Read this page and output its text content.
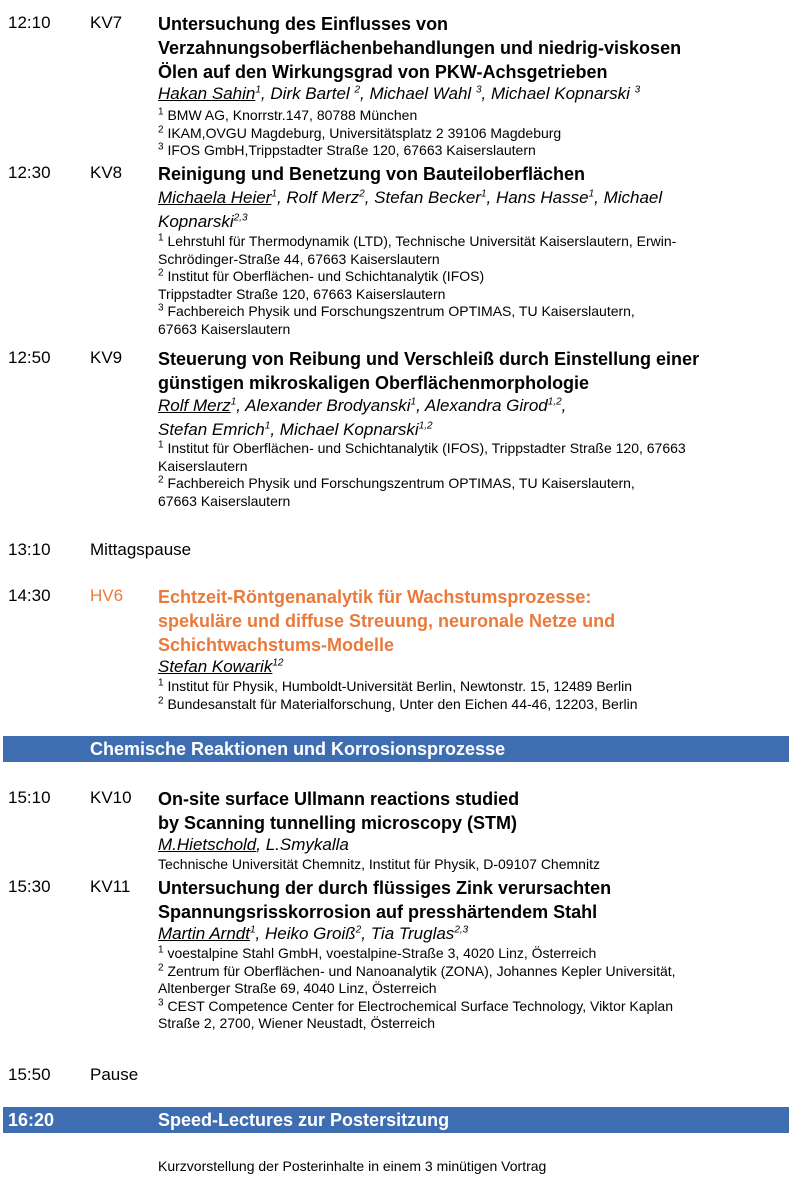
12:10 KV7 Untersuchung des Einflusses von
Verzahnungsoberflächenbehandlungen und niedrig-viskosen
Ölen auf den Wirkungsgrad von PKW-Achsgetrieben
Hakan Sahin$^1$, Dirk Bartel $^2$, Michael Wahl $^3$, Michael Kopnarski $^3$
$^1$ BMW AG, Knorrstr.147, 80788 München
$^2$ IKAM,OVGU Magdeburg, Universitätsplatz 2 39106 Magdeburg
$^3$ IFOS GmbH,Trippstadter Straße 120, 67663 Kaiserslautern
12:30 KV8 Reinigung und Benetzung von Bauteiloberflächen
Michaela Heier$^1$, Rolf Merz$^2$, Stefan Becker$^1$, Hans Hasse$^1$, Michael
Kopnarski$^{2,3}$
$^1$ Lehrstuhl für Thermodynamik (LTD), Technische Universität Kaiserslautern, Erwin-
Schrödinger-Straße 44, 67663 Kaiserslautern
$^2$ Institut für Oberflächen- und Schichtanalytik (IFOS)
Trippstadter Straße 120, 67663 Kaiserslautern
$^3$ Fachbereich Physik und Forschungszentrum OPTIMAS, TU Kaiserslautern,
67663 Kaiserslautern
12:50 KV9 Steuerung von Reibung und Verschleiß durch Einstellung einer
günstigen mikroskaligen Oberflächenmorphologie
Rolf Merz$^1$, Alexander Brodyanski$^1$, Alexandra Girod$^{1,2}$,
Stefan Emrich$^1$, Michael Kopnarski$^{1,2}$
$^1$ Institut für Oberflächen- und Schichtanalytik (IFOS), Trippstadter Straße 120, 67663
Kaiserslautern
$^2$ Fachbereich Physik und Forschungszentrum OPTIMAS, TU Kaiserslautern,
67663 Kaiserslautern
13:10 Mittagspause
14:30 HV6 Echtzeit-Röntgenanalytik für Wachstumsprozesse:
spekuläre und diffuse Streuung, neuronale Netze und
Schichtwachstums-Modelle
Stefan Kowarik$^{12}$
$^1$ Institut für Physik, Humboldt-Universität Berlin, Newtonstr. 15, 12489 Berlin
$^2$ Bundesanstalt für Materialforschung, Unter den Eichen 44-46, 12203, Berlin
Chemische Reaktionen und Korrosionsprozesse
15:10 KV10 On-site surface Ullmann reactions studied
by Scanning tunnelling microscopy (STM)
M.Hietschold, L.Smykalla
Technische Universität Chemnitz, Institut für Physik, D-09107 Chemnitz
15:30 KV11 Untersuchung der durch flüssiges Zink verursachten
Spannungsrisskorrosion auf presshärtendem Stahl
Martin Arndt$^1$, Heiko Groiß$^2$, Tia Truglas$^{2,3}$
$^1$ voestalpine Stahl GmbH, voestalpine-Straße 3, 4020 Linz, Österreich
$^2$ Zentrum für Oberflächen- und Nanoanalytik (ZONA), Johannes Kepler Universität,
Altenberger Straße 69, 4040 Linz, Österreich
$^3$ CEST Competence Center for Electrochemical Surface Technology, Viktor Kaplan
Straße 2, 2700, Wiener Neustadt, Österreich
15:50 Pause
16:20	Speed-Lectures zur Postersitzung
Kurzvorstellung der Posterinhalte in einem 3 minütigen Vortrag
